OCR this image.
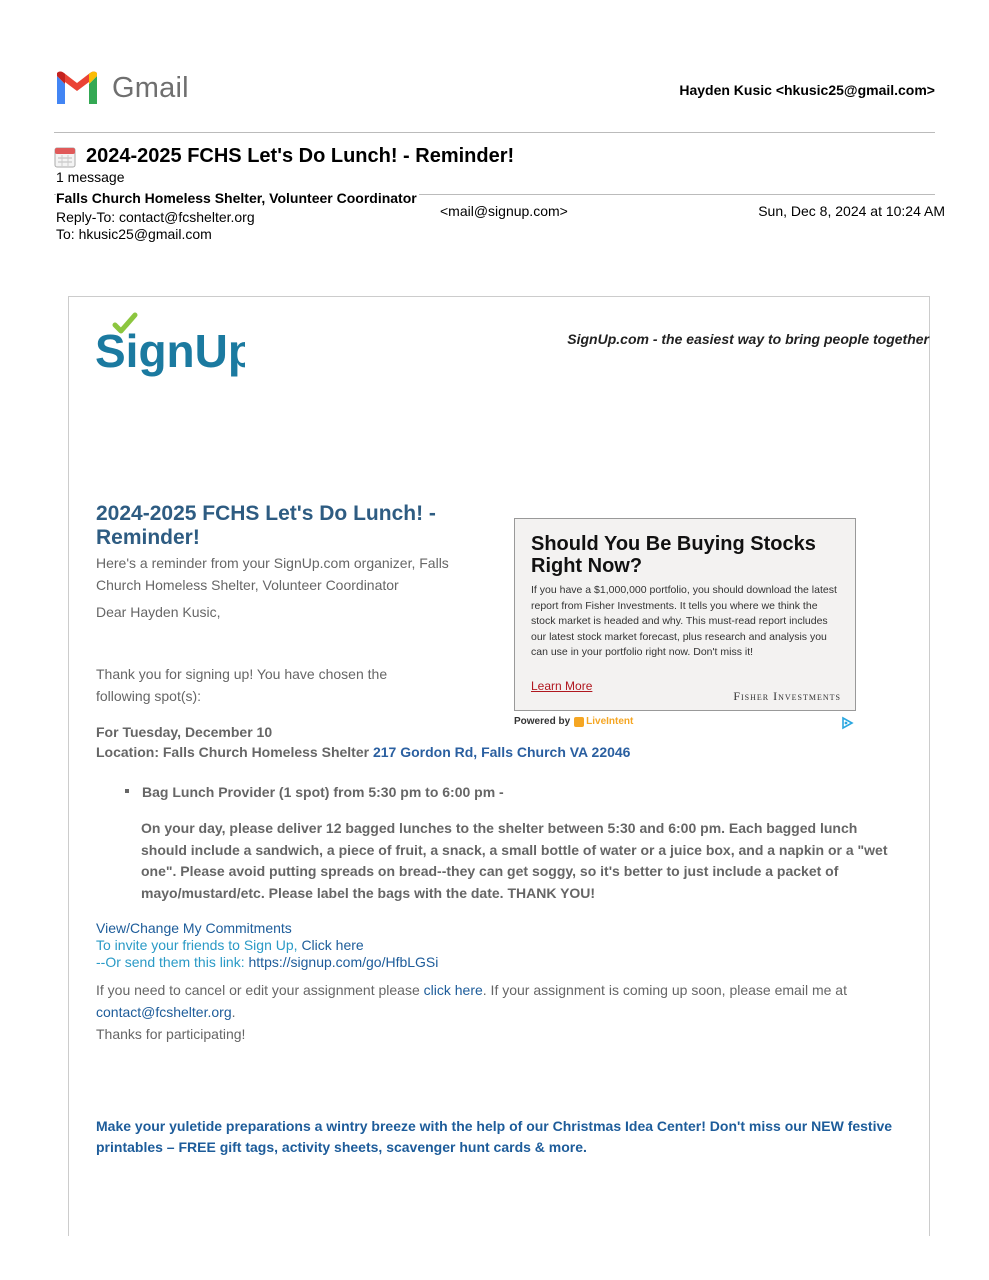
Gmail	Hayden Kusic <hkusic25@gmail.com>
2024-2025 FCHS Let's Do Lunch! - Reminder!
1 message
Falls Church Homeless Shelter, Volunteer Coordinator
<mail@signup.com>	Sun, Dec 8, 2024 at 10:24 AM
Reply-To: contact@fcshelter.org
To: hkusic25@gmail.com
SignUp	SignUp.com - the easiest way to bring people together
2024-2025 FCHS Let's Do Lunch! - Reminder!
Here's a reminder from your SignUp.com organizer, Falls Church Homeless Shelter, Volunteer Coordinator
Dear Hayden Kusic,
Thank you for signing up! You have chosen the following spot(s):
Should You Be Buying Stocks Right Now?
If you have a $1,000,000 portfolio, you should download the latest report from Fisher Investments. It tells you where we think the stock market is headed and why. This must-read report includes our latest stock market forecast, plus research and analysis you can use in your portfolio right now. Don't miss it!
Learn More
Fisher Investments
Powered by LiveIntent
For Tuesday, December 10
Location: Falls Church Homeless Shelter 217 Gordon Rd, Falls Church VA 22046
Bag Lunch Provider (1 spot) from 5:30 pm to 6:00 pm -
On your day, please deliver 12 bagged lunches to the shelter between 5:30 and 6:00 pm. Each bagged lunch should include a sandwich, a piece of fruit, a snack, a small bottle of water or a juice box, and a napkin or a "wet one". Please avoid putting spreads on bread--they can get soggy, so it's better to just include a packet of mayo/mustard/etc. Please label the bags with the date. THANK YOU!
View/Change My Commitments
To invite your friends to Sign Up, Click here
--Or send them this link: https://signup.com/go/HfbLGSi
If you need to cancel or edit your assignment please click here. If your assignment is coming up soon, please email me at contact@fcshelter.org.
Thanks for participating!
Make your yuletide preparations a wintry breeze with the help of our Christmas Idea Center! Don't miss our NEW festive printables – FREE gift tags, activity sheets, scavenger hunt cards & more.
